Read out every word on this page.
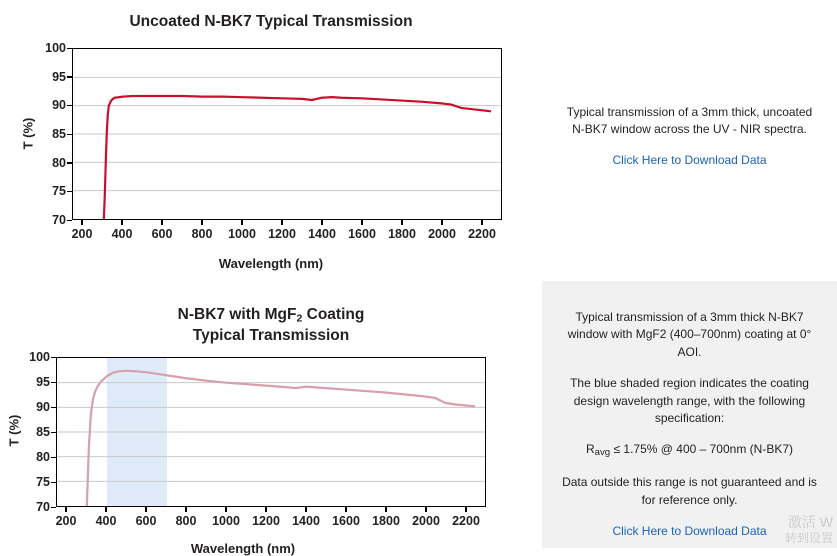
Uncoated N-BK7 Typical Transmission
70
75
80
85
90
95
100
200 400 600 800 1000 1200 1400 1600 1800 2000 2200
T (%)
Wavelength (nm)
Typical transmission of a 3mm thick, uncoated N-BK7 window across the UV - NIR spectra.
Click Here to Download Data
N-BK7 with MgF$_2$ Coating
Typical Transmission
70
75
80
85
90
95
100
200 400 600 800 1000 1200 1400 1600 1800 2000 2200
T (%)
Wavelength (nm)

Typical transmission of a 3mm thick N-BK7 window with MgF2 (400–700nm) coating at 0° AOI.

The blue shaded region indicates the coating design wavelength range, with the following specification:

Ravg ≤ 1.75% @ 400 – 700nm (N-BK7)

Data outside this range is not guaranteed and is for reference only.

Click Here to Download Data
激活 W
转到设置
